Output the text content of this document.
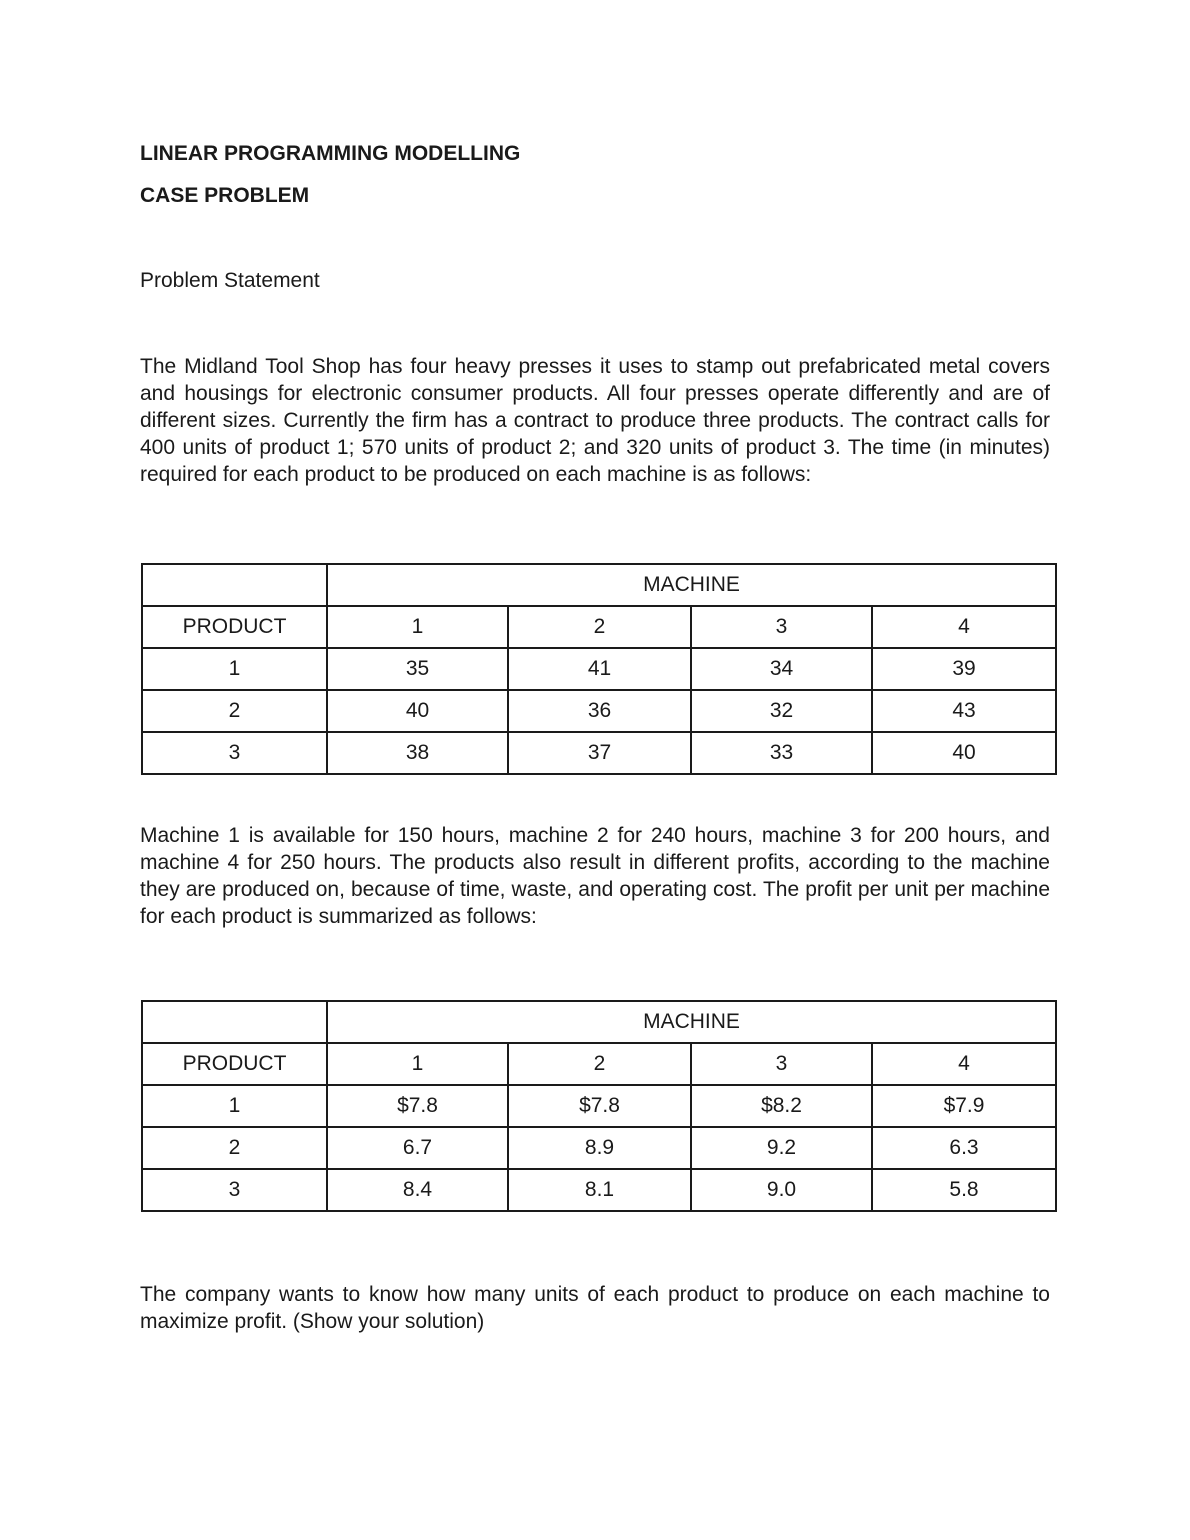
LINEAR PROGRAMMING MODELLING
CASE PROBLEM

Problem Statement

The Midland Tool Shop has four heavy presses it uses to stamp out prefabricated metal covers and housings for electronic consumer products. All four presses operate differently and are of different sizes. Currently the firm has a contract to produce three products. The contract calls for 400 units of product 1; 570 units of product 2; and 320 units of product 3. The time (in minutes) required for each product to be produced on each machine is as follows:

	MACHINE			
PRODUCT	1	2	3	4
1	35	41	34	39
2	40	36	32	43
3	38	37	33	40

Machine 1 is available for 150 hours, machine 2 for 240 hours, machine 3 for 200 hours, and machine 4 for 250 hours. The products also result in different profits, according to the machine they are produced on, because of time, waste, and operating cost. The profit per unit per machine for each product is summarized as follows:

	MACHINE			
PRODUCT	1	2	3	4
1	$7.8	$7.8	$8.2	$7.9
2	6.7	8.9	9.2	6.3
3	8.4	8.1	9.0	5.8

The company wants to know how many units of each product to produce on each machine to maximize profit. (Show your solution)
